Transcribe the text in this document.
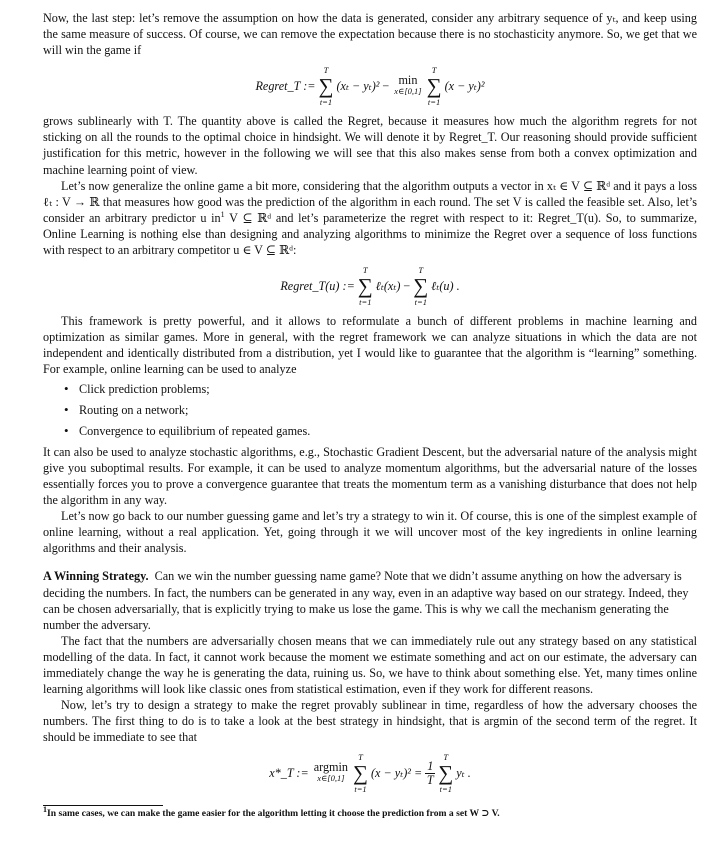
Now, the last step: let’s remove the assumption on how the data is generated, consider any arbitrary sequence of yₜ, and keep using the same measure of success. Of course, we can remove the expectation because there is no stochasticity anymore. So, we get that we will win the game if

Regret_T :=
T
∑
t=1
(xₜ − yₜ)² − min
x∈[0,1]
T
∑
t=1
(x − yₜ)²

grows sublinearly with T. The quantity above is called the Regret, because it measures how much the algorithm regrets for not sticking on all the rounds to the optimal choice in hindsight. We will denote it by Regret_T. Our reasoning should provide sufficient justification for this metric, however in the following we will see that this also makes sense from both a convex optimization and machine learning point of view.

Let’s now generalize the online game a bit more, considering that the algorithm outputs a vector in xₜ ∈ V ⊆ ℝᵈ and it pays a loss ℓₜ : V → ℝ that measures how good was the prediction of the algorithm in each round. The set V is called the feasible set. Also, let’s consider an arbitrary predictor u $in^1$ V ⊆ ℝᵈ and let’s parameterize the regret with respect to it: Regret_T(u). So, to summarize, Online Learning is nothing else than designing and analyzing algorithms to minimize the Regret over a sequence of loss functions with respect to an arbitrary competitor u ∈ V ⊆ ℝᵈ:

Regret_T(u) :=
T
∑
t=1
ℓₜ(xₜ) −
T
∑
t=1
ℓₜ(u) .

This framework is pretty powerful, and it allows to reformulate a bunch of different problems in machine learning and optimization as similar games. More in general, with the regret framework we can analyze situations in which the data are not independent and identically distributed from a distribution, yet I would like to guarantee that the algorithm is “learning” something. For example, online learning can be used to analyze

• Click prediction problems;
• Routing on a network;
• Convergence to equilibrium of repeated games.

It can also be used to analyze stochastic algorithms, e.g., Stochastic Gradient Descent, but the adversarial nature of the analysis might give you suboptimal results. For example, it can be used to analyze momentum algorithms, but the adversarial nature of the losses essentially forces you to prove a convergence guarantee that treats the momentum term as a vanishing disturbance that does not help the algorithm in any way.

Let’s now go back to our number guessing game and let’s try a strategy to win it. Of course, this is one of the simplest example of online learning, without a real application. Yet, going through it we will uncover most of the key ingredients in online learning algorithms and their analysis.

A Winning Strategy. Can we win the number guessing name game? Note that we didn’t assume anything on how the adversary is deciding the numbers. In fact, the numbers can be generated in any way, even in an adaptive way based on our strategy. Indeed, they can be chosen adversarially, that is explicitly trying to make us lose the game. This is why we call the mechanism generating the number the adversary.

The fact that the numbers are adversarially chosen means that we can immediately rule out any strategy based on any statistical modelling of the data. In fact, it cannot work because the moment we estimate something and act on our estimate, the adversary can immediately change the way he is generating the data, ruining us. So, we have to think about something else. Yet, many times online learning algorithms will look like classic ones from statistical estimation, even if they work for different reasons.

Now, let’s try to design a strategy to make the regret provably sublinear in time, regardless of how the adversary chooses the numbers. The first thing to do is to take a look at the best strategy in hindsight, that is argmin of the second term of the regret. It should be immediate to see that

x*_T := argmin
x∈[0,1]
T
∑
t=1
$(x - y_t)^2 = \frac{1}{T}$
T
∑
t=1
yₜ .

$^1$In same cases, we can make the game easier for the algorithm letting it choose the prediction from a set W ⊃ V.
